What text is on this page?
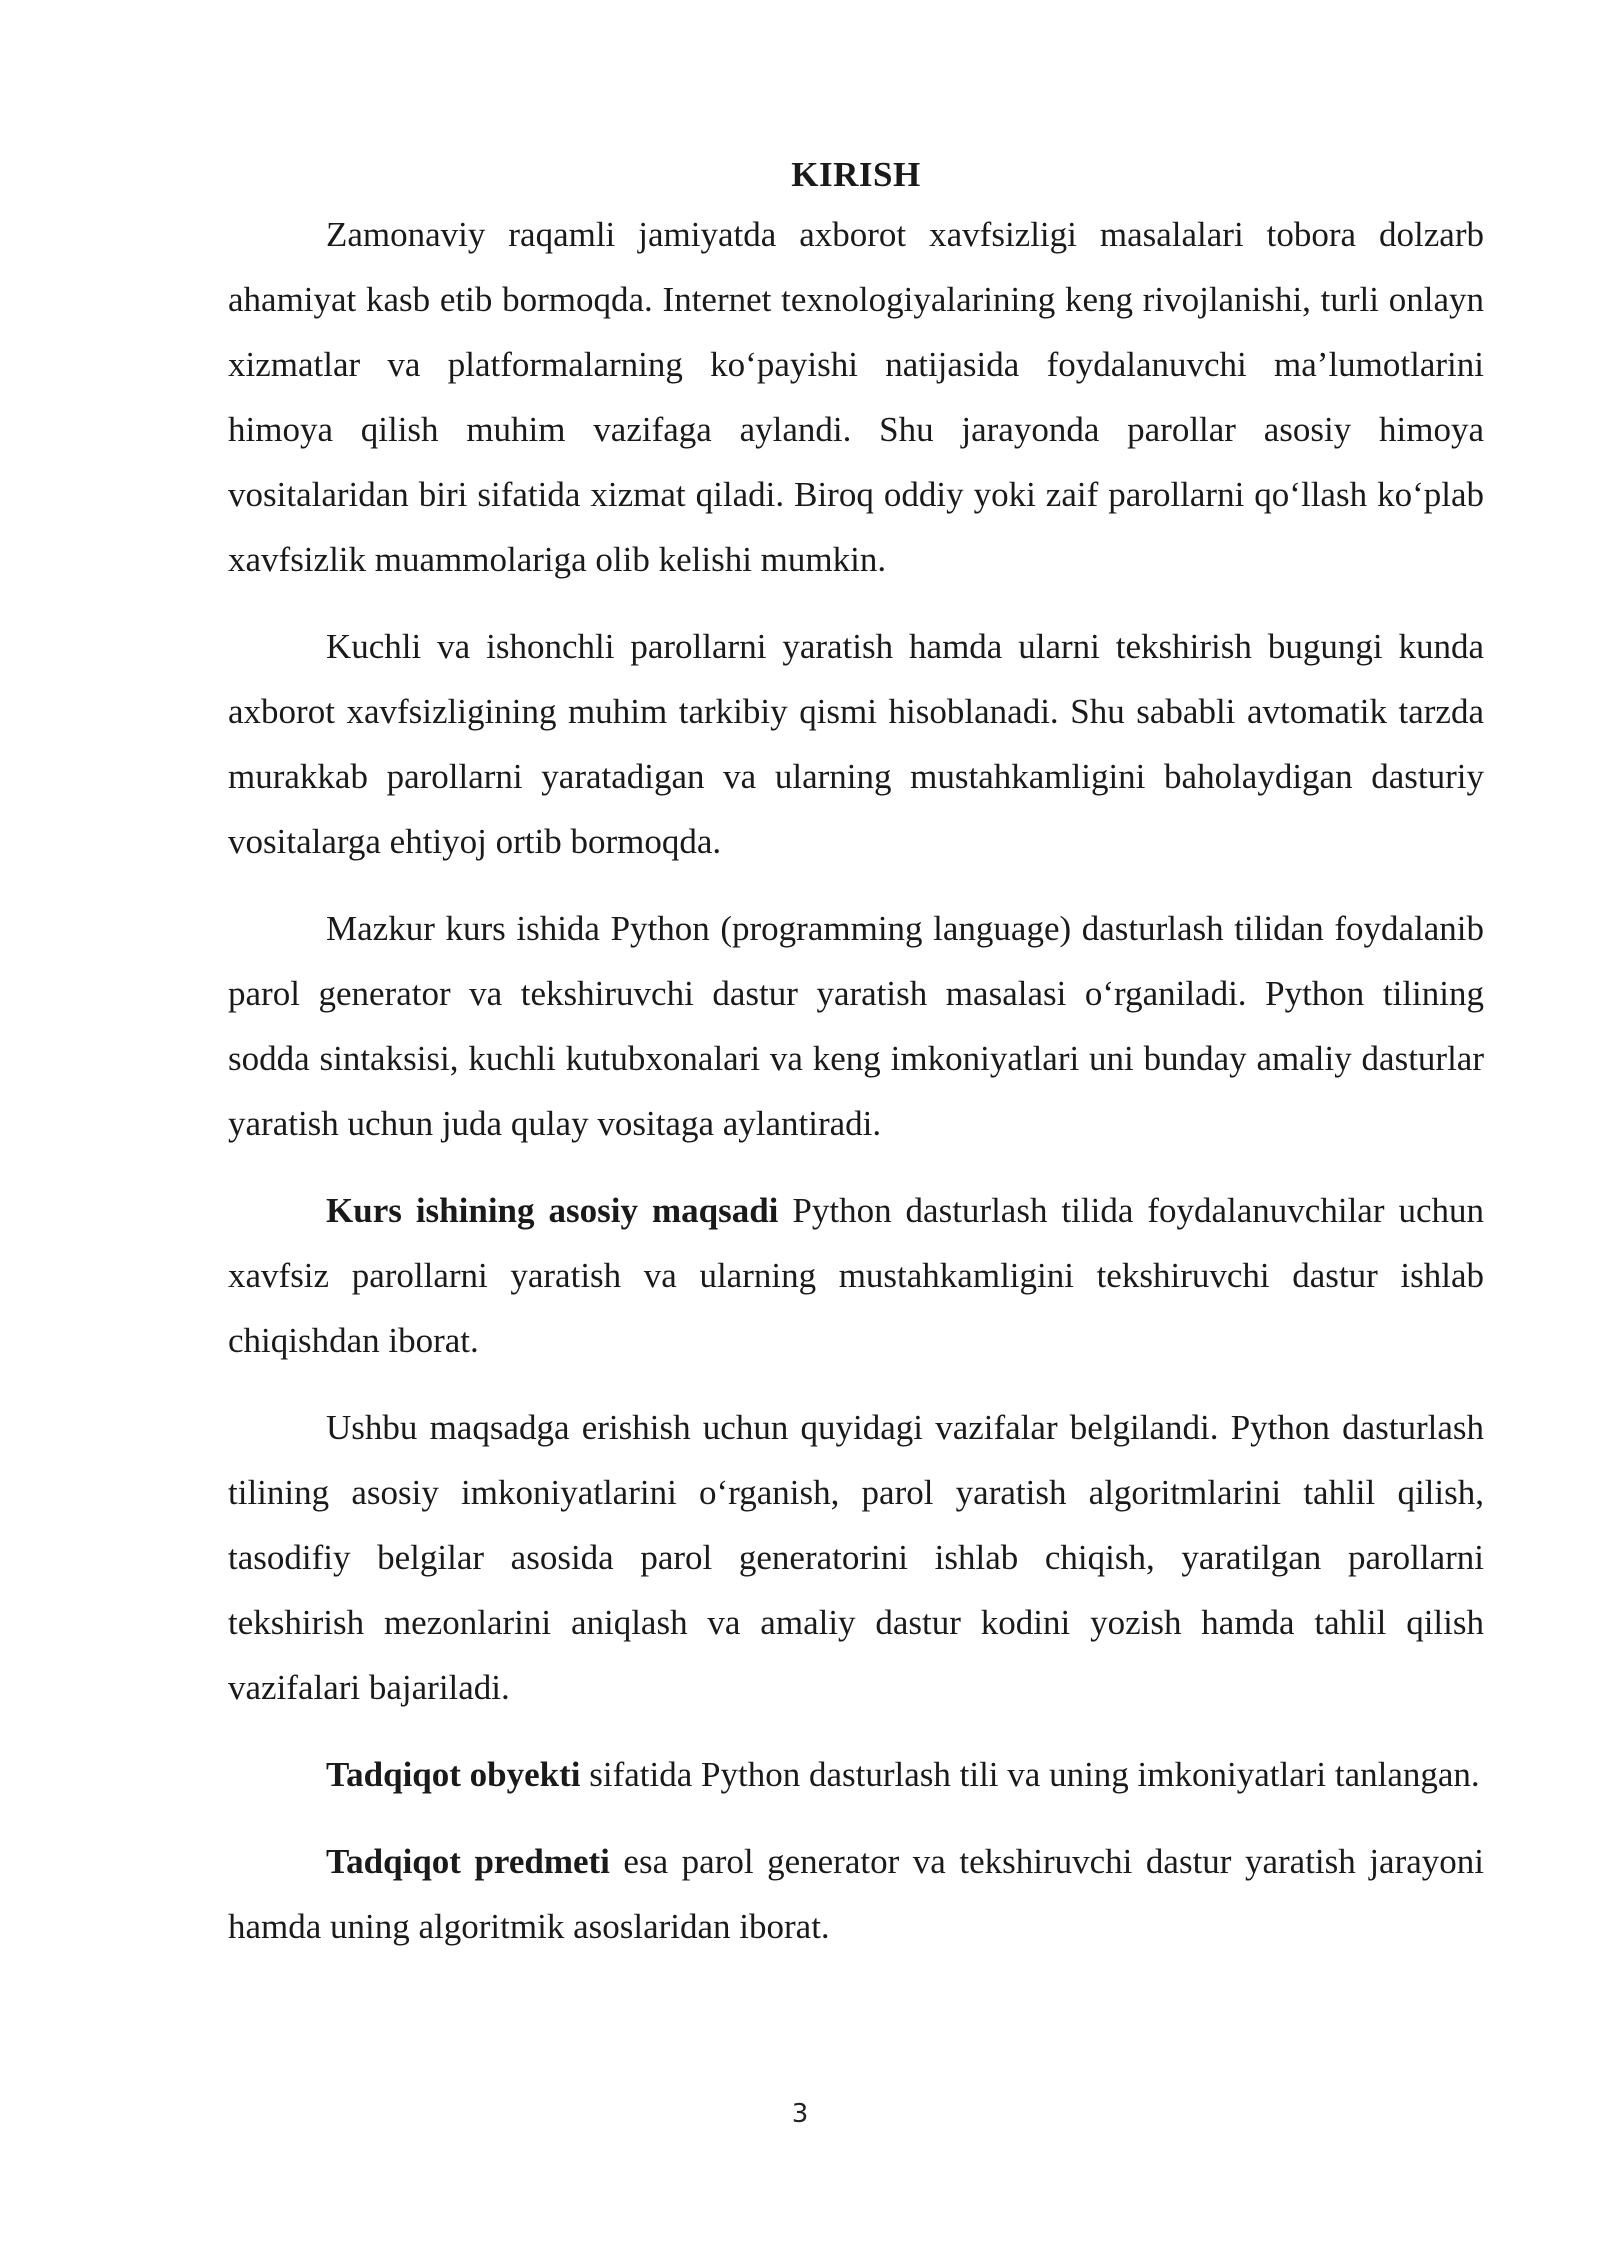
KIRISH

Zamonaviy raqamli jamiyatda axborot xavfsizligi masalalari tobora dolzarb ahamiyat kasb etib bormoqda. Internet texnologiyalarining keng rivojlanishi, turli onlayn xizmatlar va platformalarning ko‘payishi natijasida foydalanuvchi ma’lumotlarini himoya qilish muhim vazifaga aylandi. Shu jarayonda parollar asosiy himoya vositalaridan biri sifatida xizmat qiladi. Biroq oddiy yoki zaif parollarni qo‘llash ko‘plab xavfsizlik muammolariga olib kelishi mumkin.

Kuchli va ishonchli parollarni yaratish hamda ularni tekshirish bugungi kunda axborot xavfsizligining muhim tarkibiy qismi hisoblanadi. Shu sababli avtomatik tarzda murakkab parollarni yaratadigan va ularning mustahkamligini baholaydigan dasturiy vositalarga ehtiyoj ortib bormoqda.

Mazkur kurs ishida Python (programming language) dasturlash tilidan foydalanib parol generator va tekshiruvchi dastur yaratish masalasi o‘rganiladi. Python tilining sodda sintaksisi, kuchli kutubxonalari va keng imkoniyatlari uni bunday amaliy dasturlar yaratish uchun juda qulay vositaga aylantiradi.

Kurs ishining asosiy maqsadi Python dasturlash tilida foydalanuvchilar uchun xavfsiz parollarni yaratish va ularning mustahkamligini tekshiruvchi dastur ishlab chiqishdan iborat.

Ushbu maqsadga erishish uchun quyidagi vazifalar belgilandi. Python dasturlash tilining asosiy imkoniyatlarini o‘rganish, parol yaratish algoritmlarini tahlil qilish, tasodifiy belgilar asosida parol generatorini ishlab chiqish, yaratilgan parollarni tekshirish mezonlarini aniqlash va amaliy dastur kodini yozish hamda tahlil qilish vazifalari bajariladi.

Tadqiqot obyekti sifatida Python dasturlash tili va uning imkoniyatlari tanlangan.

Tadqiqot predmeti esa parol generator va tekshiruvchi dastur yaratish jarayoni hamda uning algoritmik asoslaridan iborat.

3
